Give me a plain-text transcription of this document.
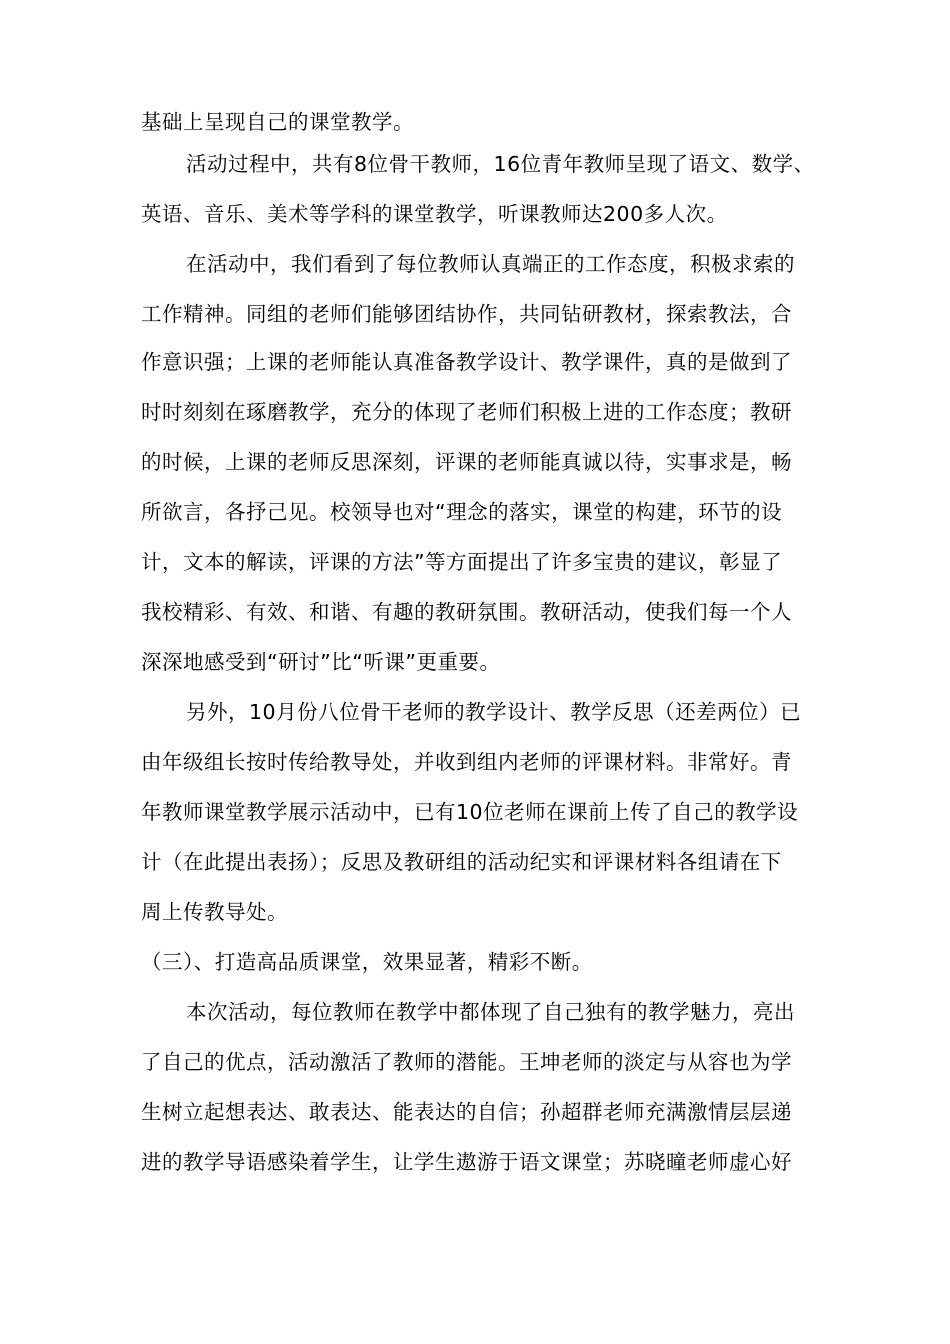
基础上呈现自己的课堂教学。
活动过程中，共有8位骨干教师，16位青年教师呈现了语文、数学、
英语、音乐、美术等学科的课堂教学，听课教师达200多人次。
在活动中，我们看到了每位教师认真端正的工作态度，积极求索的
工作精神。同组的老师们能够团结协作，共同钻研教材，探索教法，合
作意识强；上课的老师能认真准备教学设计、教学课件，真的是做到了
时时刻刻在琢磨教学，充分的体现了老师们积极上进的工作态度；教研
的时候，上课的老师反思深刻，评课的老师能真诚以待，实事求是，畅
所欲言，各抒己见。校领导也对“理念的落实，课堂的构建，环节的设
计，文本的解读，评课的方法”等方面提出了许多宝贵的建议，彰显了
我校精彩、有效、和谐、有趣的教研氛围。教研活动，使我们每一个人
深深地感受到“研讨”比“听课”更重要。
另外，10月份八位骨干老师的教学设计、教学反思（还差两位）已
由年级组长按时传给教导处，并收到组内老师的评课材料。非常好。青
年教师课堂教学展示活动中，已有10位老师在课前上传了自己的教学设
计（在此提出表扬）；反思及教研组的活动纪实和评课材料各组请在下
周上传教导处。
（三）、打造高品质课堂，效果显著，精彩不断。
本次活动，每位教师在教学中都体现了自己独有的教学魅力，亮出
了自己的优点，活动激活了教师的潜能。王坤老师的淡定与从容也为学
生树立起想表达、敢表达、能表达的自信；孙超群老师充满激情层层递
进的教学导语感染着学生，让学生遨游于语文课堂；苏晓曈老师虚心好
